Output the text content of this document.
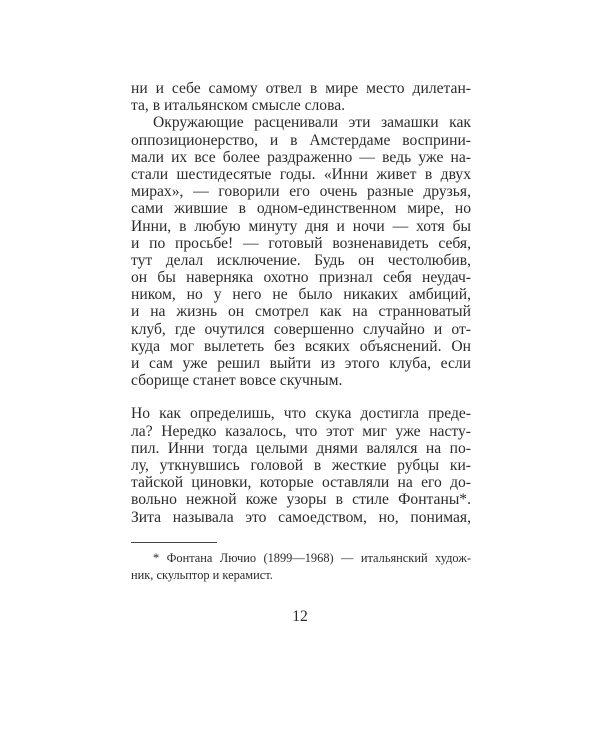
ни и себе самому отвел в мире место дилетан-
та, в итальянском смысле слова.
Окружающие расценивали эти замашки как
оппозиционерство, и в Амстердаме восприни-
мали их все более раздраженно — ведь уже на-
стали шестидесятые годы. «Инни живет в двух
мирах», — говорили его очень разные друзья,
сами жившие в одном-единственном мире, но
Инни, в любую минуту дня и ночи — хотя бы
и по просьбе! — готовый возненавидеть себя,
тут делал исключение. Будь он честолюбив,
он бы наверняка охотно признал себя неудач-
ником, но у него не было никаких амбиций,
и на жизнь он смотрел как на странноватый
клуб, где очутился совершенно случайно и от-
куда мог вылететь без всяких объяснений. Он
и сам уже решил выйти из этого клуба, если
сборище станет вовсе скучным.
Но как определишь, что скука достигла преде-
ла? Нередко казалось, что этот миг уже насту-
пил. Инни тогда целыми днями валялся на по-
лу, уткнувшись головой в жесткие рубцы ки-
тайской циновки, которые оставляли на его до-
вольно нежной коже узоры в стиле Фонтаны*.
Зита называла это самоедством, но, понимая,
* Фонтана Лючио (1899—1968) — итальянский худож-
ник, скульптор и керамист.
12
